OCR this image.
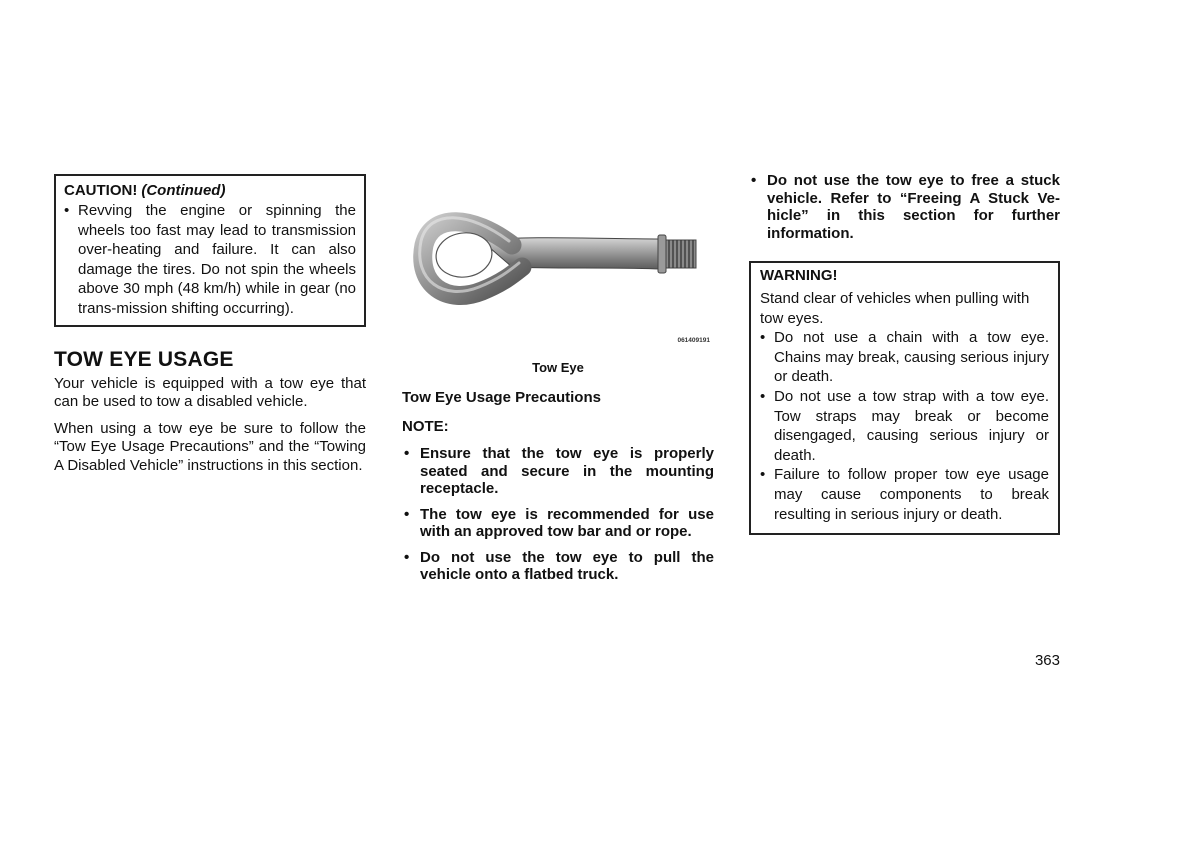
CAUTION! (Continued)
• Revving the engine or spinning the wheels too fast may lead to transmission over-heating and failure. It can also damage the tires. Do not spin the wheels above 30 mph (48 km/h) while in gear (no trans-mission shifting occurring).
TOW EYE USAGE

Your vehicle is equipped with a tow eye that can be used to tow a disabled vehicle.

When using a tow eye be sure to follow the “Tow Eye Usage Precautions” and the “Towing A Disabled Vehicle” instructions in this section.

061409191
Tow Eye
Tow Eye Usage Precautions
NOTE:
• Ensure that the tow eye is properly seated and secure in the mounting receptacle.
• The tow eye is recommended for use with an approved tow bar and or rope.
• Do not use the tow eye to pull the vehicle onto a flatbed truck.
• Do not use the tow eye to free a stuck vehicle. Refer to “Freeing A Stuck Ve-hicle” in this section for further information.
WARNING!

Stand clear of vehicles when pulling with tow eyes.

• Do not use a chain with a tow eye. Chains may break, causing serious injury or death.
• Do not use a tow strap with a tow eye. Tow straps may break or become disengaged, causing serious injury or death.
• Failure to follow proper tow eye usage may cause components to break resulting in serious injury or death.
363
